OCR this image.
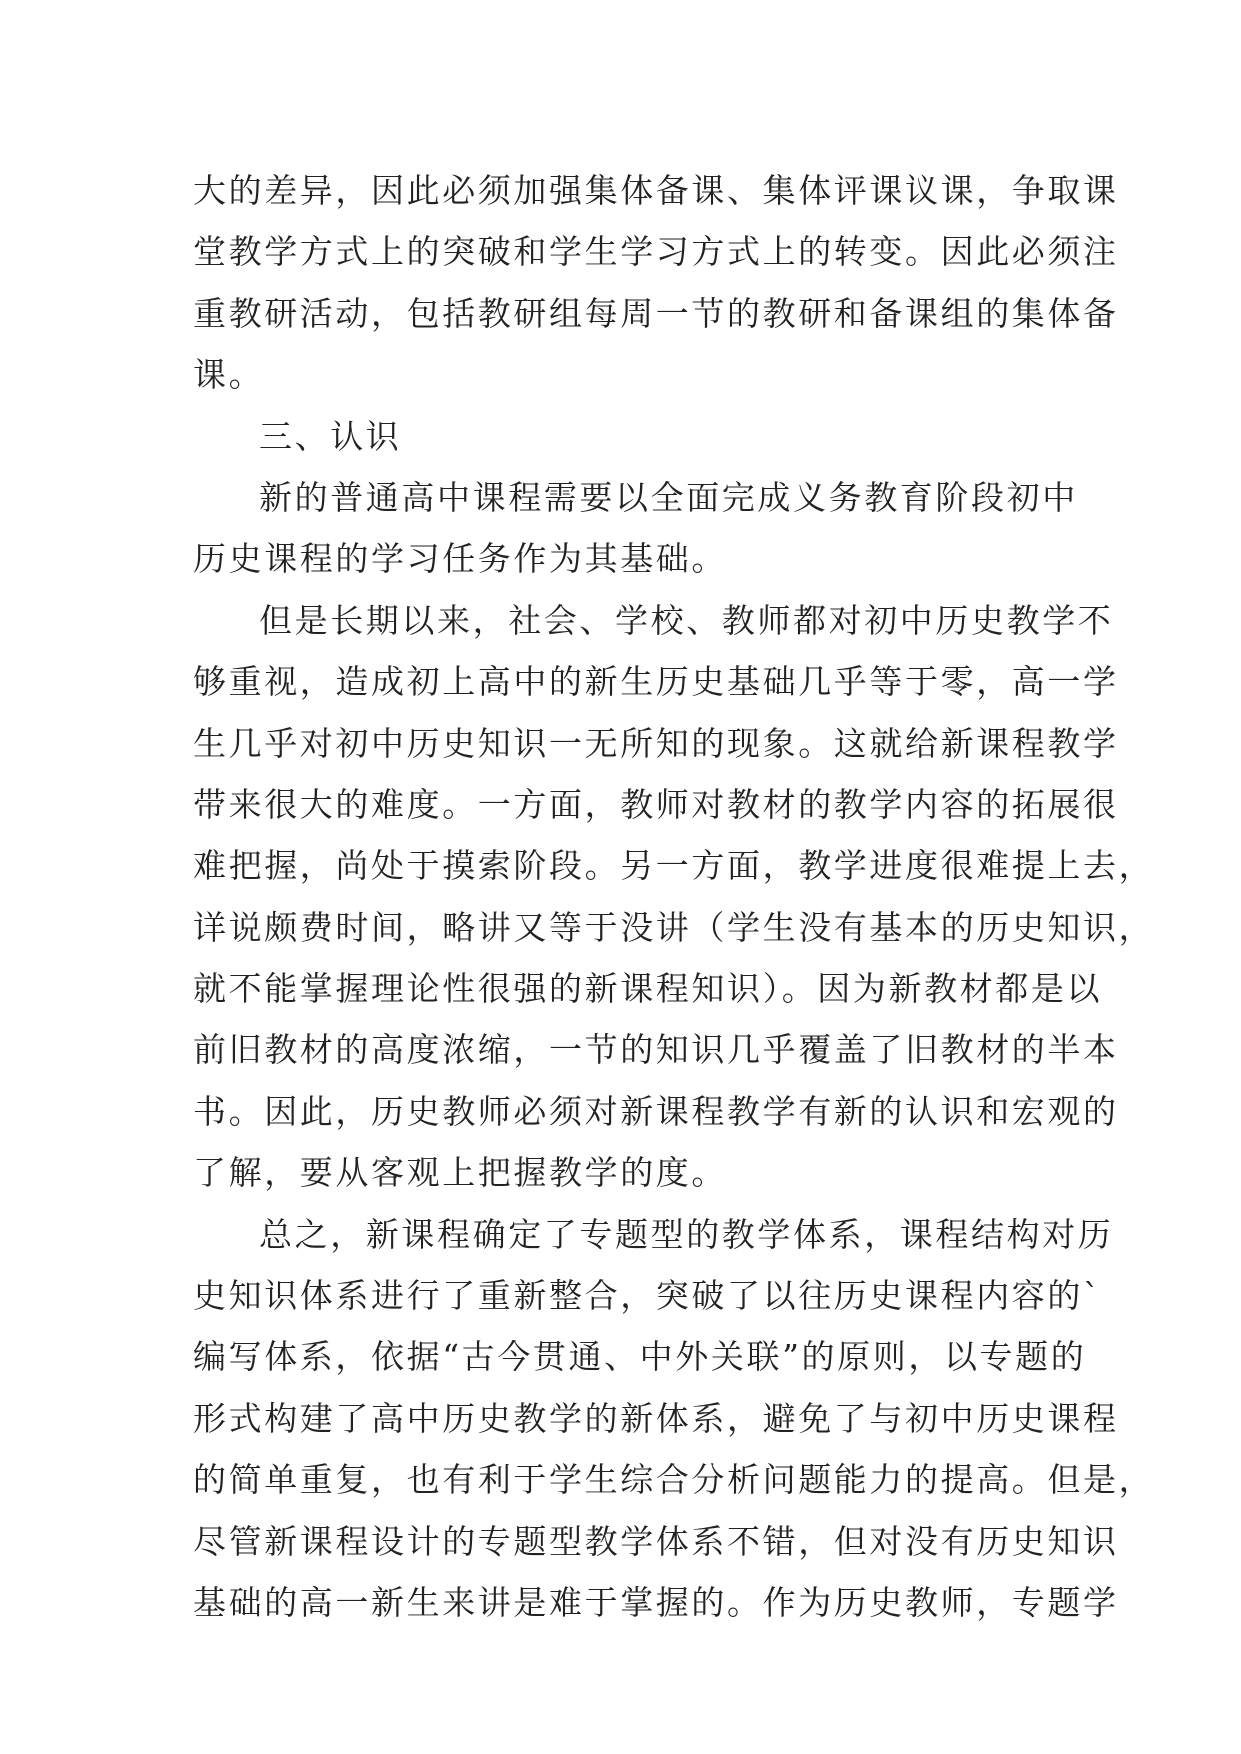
大的差异，因此必须加强集体备课、集体评课议课，争取课
堂教学方式上的突破和学生学习方式上的转变。因此必须注
重教研活动，包括教研组每周一节的教研和备课组的集体备
课。
三、认识
新的普通高中课程需要以全面完成义务教育阶段初中
历史课程的学习任务作为其基础。
但是长期以来，社会、学校、教师都对初中历史教学不
够重视，造成初上高中的新生历史基础几乎等于零，高一学
生几乎对初中历史知识一无所知的现象。这就给新课程教学
带来很大的难度。一方面，教师对教材的教学内容的拓展很
难把握，尚处于摸索阶段。另一方面，教学进度很难提上去，
详说颇费时间，略讲又等于没讲（学生没有基本的历史知识，
就不能掌握理论性很强的新课程知识）。因为新教材都是以
前旧教材的高度浓缩，一节的知识几乎覆盖了旧教材的半本
书。因此，历史教师必须对新课程教学有新的认识和宏观的
了解，要从客观上把握教学的度。
总之，新课程确定了专题型的教学体系，课程结构对历
史知识体系进行了重新整合，突破了以往历史课程内容的`
编写体系，依据“古今贯通、中外关联”的原则，以专题的
形式构建了高中历史教学的新体系，避免了与初中历史课程
的简单重复，也有利于学生综合分析问题能力的提高。但是，
尽管新课程设计的专题型教学体系不错，但对没有历史知识
基础的高一新生来讲是难于掌握的。作为历史教师，专题学
